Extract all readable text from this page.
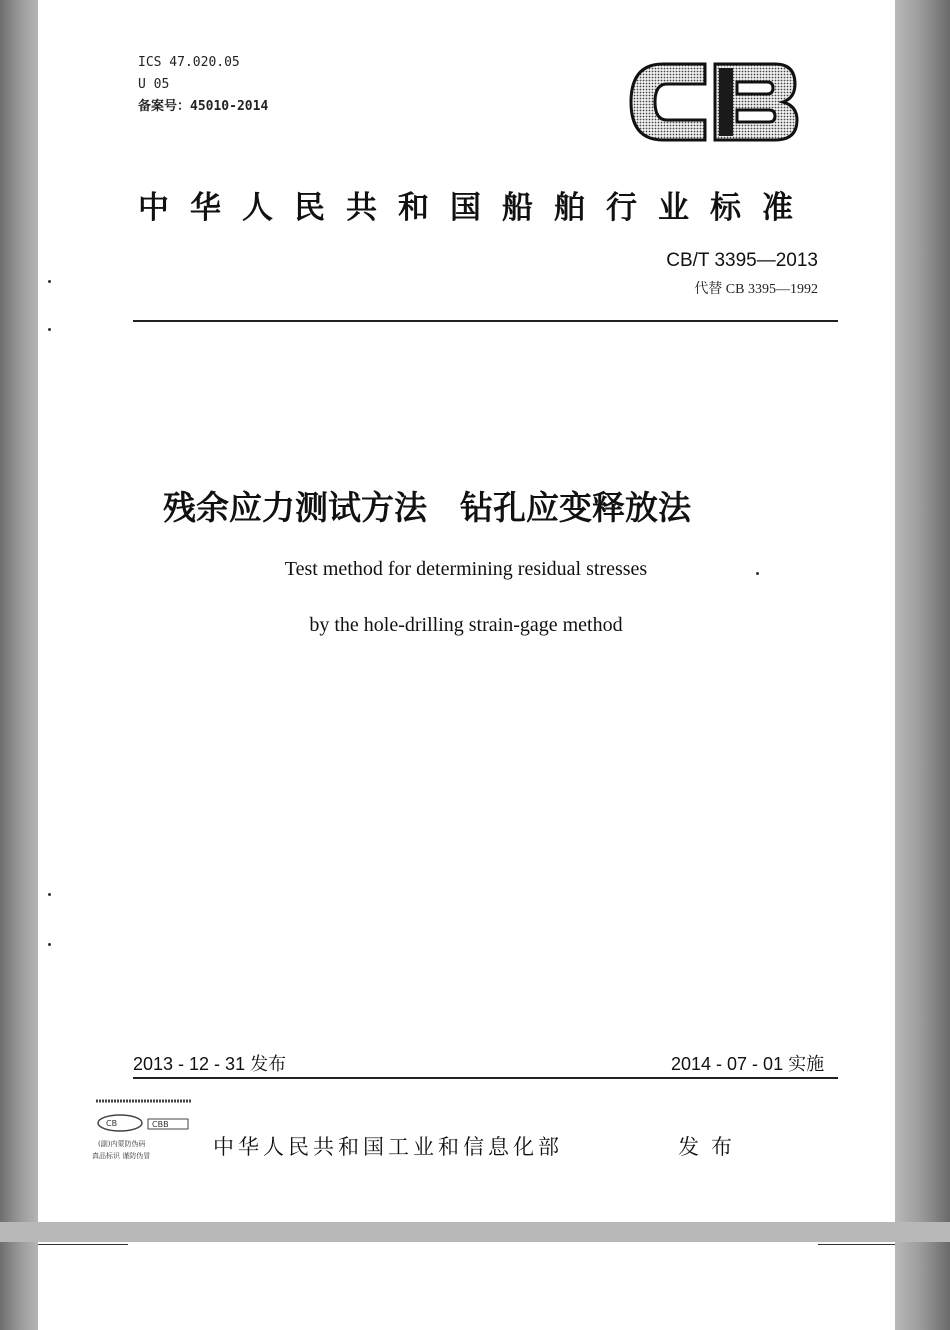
ICS 47.020.05
U 05
备案号：45010-2014
中华人民共和国船舶行业标准
CB/T 3395—2013
代替 CB 3395—1992
残余应力测试方法　钻孔应变释放法
Test method for determining residual stresses
by the hole-drilling strain-gage method
2013 - 12 - 31 发布	2014 - 07 - 01 实施
CB	CBB
(副)内蒙防伪码
真品标识 谨防伪冒	中华人民共和国工业和信息化部	发布
